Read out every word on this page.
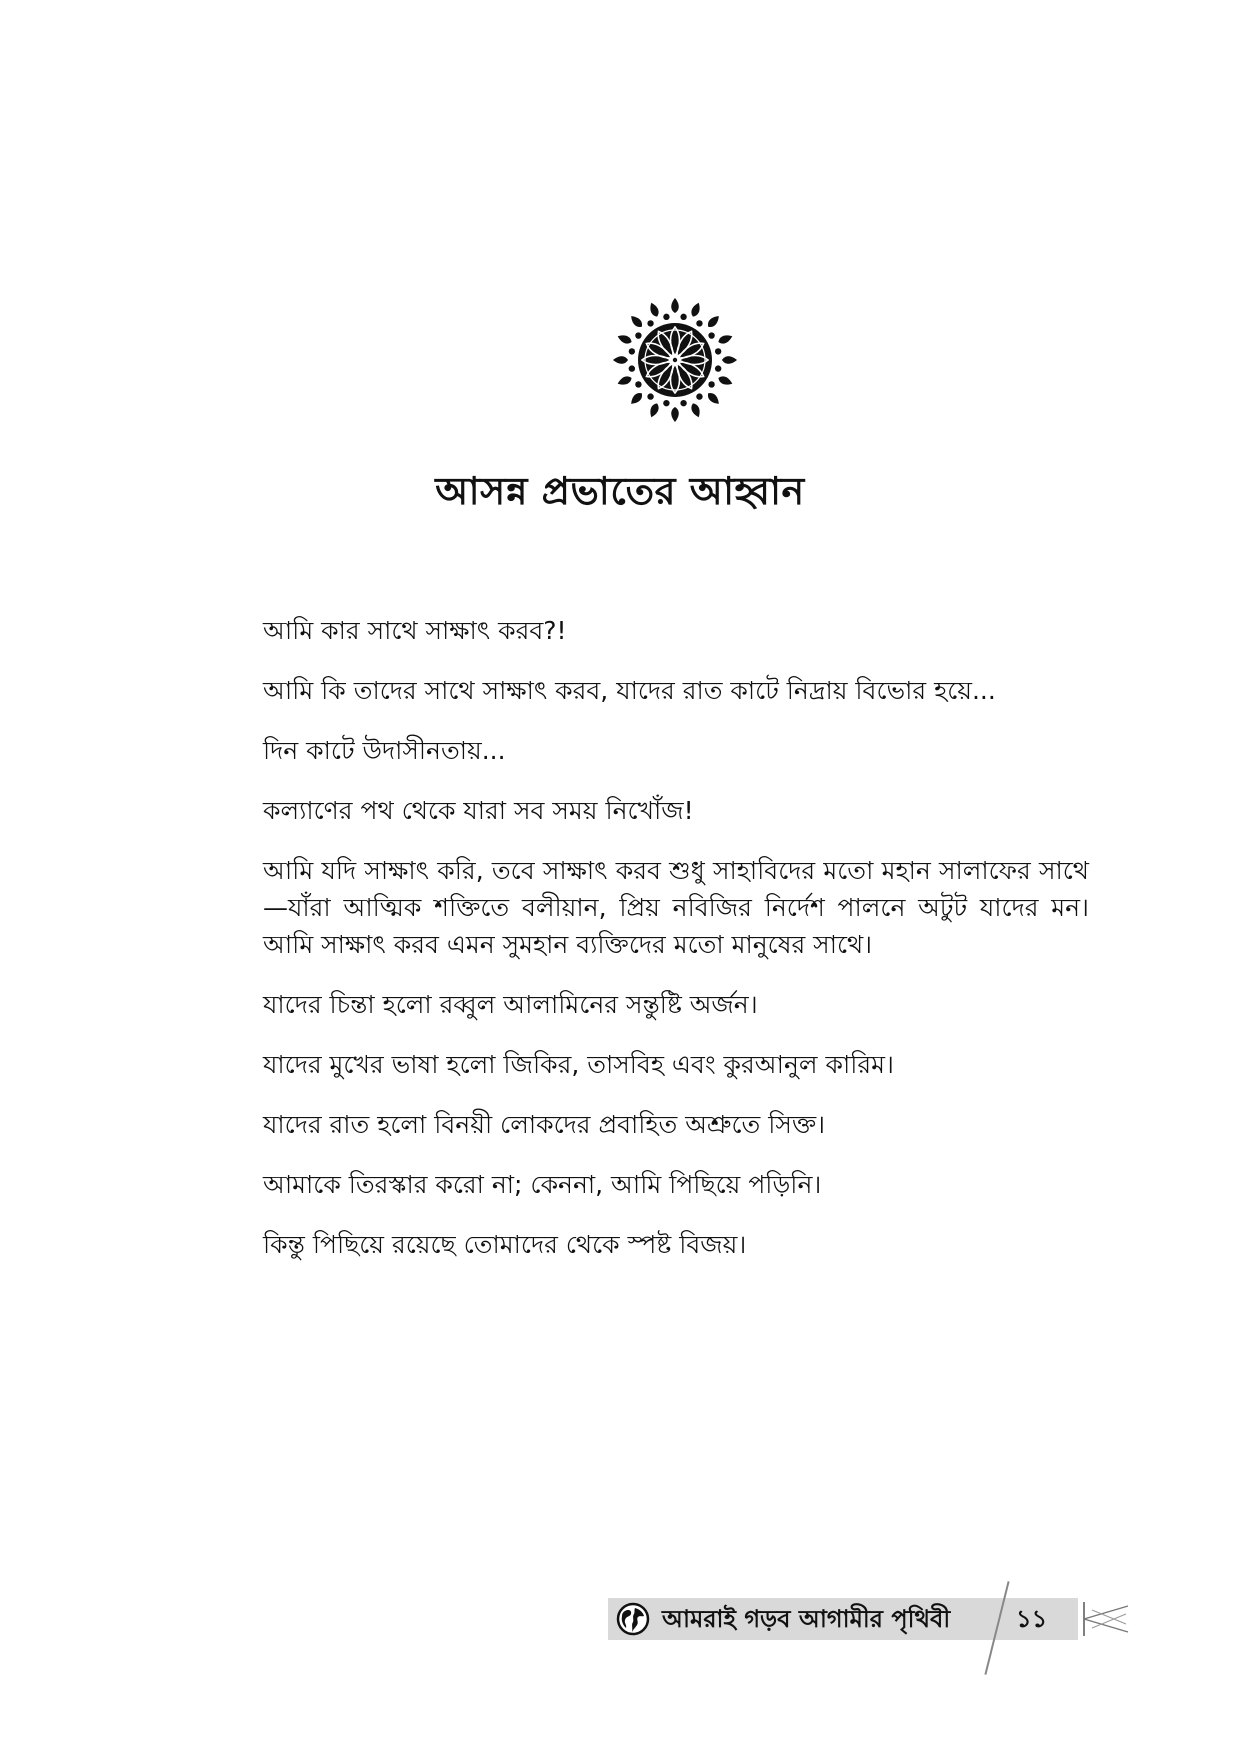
আসন্ন প্রভাতের আহ্বান

আমি কার সাথে সাক্ষাৎ করব?!

আমি কি তাদের সাথে সাক্ষাৎ করব, যাদের রাত কাটে নিদ্রায় বিভোর হয়ে...

দিন কাটে উদাসীনতায়...

কল্যাণের পথ থেকে যারা সব সময় নিখোঁজ!

আমি যদি সাক্ষাৎ করি, তবে সাক্ষাৎ করব শুধু সাহাবিদের মতো মহান সালাফের সাথে—যাঁরা আত্মিক শক্তিতে বলীয়ান, প্রিয় নবিজির নির্দেশ পালনে অটুট যাদের মন। আমি সাক্ষাৎ করব এমন সুমহান ব্যক্তিদের মতো মানুষের সাথে।

যাদের চিন্তা হলো রব্বুল আলামিনের সন্তুষ্টি অর্জন।

যাদের মুখের ভাষা হলো জিকির, তাসবিহ এবং কুরআনুল কারিম।

যাদের রাত হলো বিনয়ী লোকদের প্রবাহিত অশ্রুতে সিক্ত।

আমাকে তিরস্কার করো না; কেননা, আমি পিছিয়ে পড়িনি।

কিন্তু পিছিয়ে রয়েছে তোমাদের থেকে স্পষ্ট বিজয়।

আমরাই গড়ব আগামীর পৃথিবী	১১
